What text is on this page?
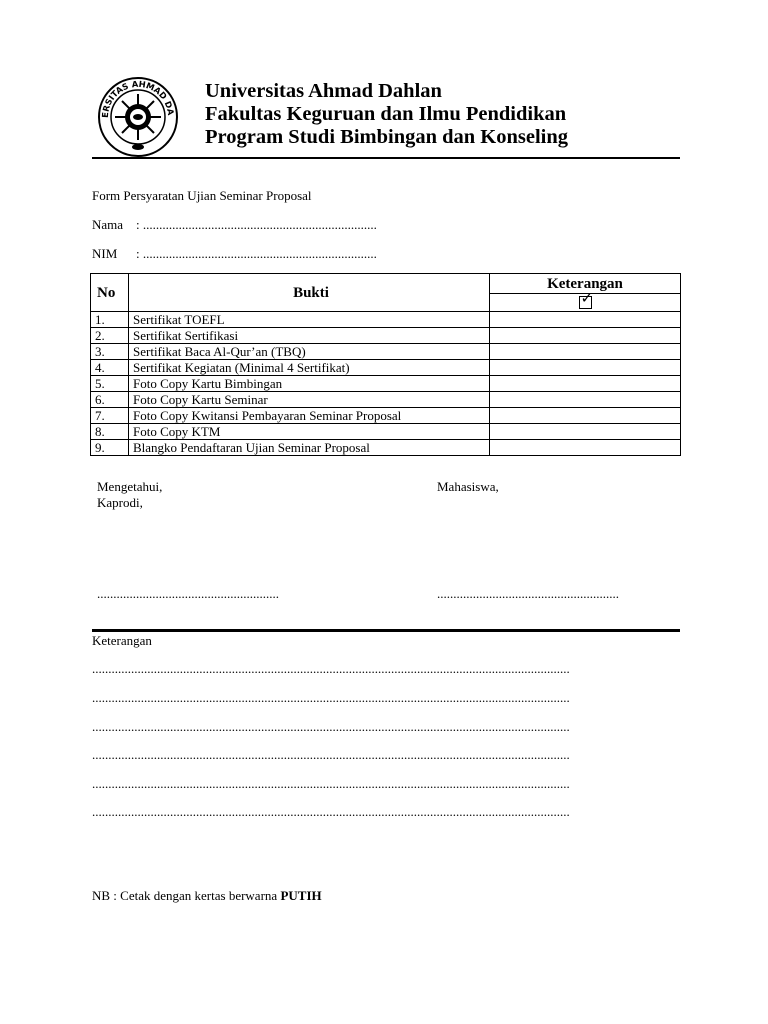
ERSITAS AHMAD DA
Universitas Ahmad Dahlan
Fakultas Keguruan dan Ilmu Pendidikan
Program Studi Bimbingan dan Konseling
Form Persyaratan Ujian Seminar Proposal
Nama : ........................................................................
NIM	: ........................................................................
No	Bukti	Keterangan

		✓

1.	Sertifikat TOEFL	
2.	Sertifikat Sertifikasi	
3.	Sertifikat Baca Al-Qur’an (TBQ)	
4.	Sertifikat Kegiatan (Minimal 4 Sertifikat)	
5.	Foto Copy Kartu Bimbingan	
6.	Foto Copy Kartu Seminar	
7.	Foto Copy Kwitansi Pembayaran Seminar Proposal	
8.	Foto Copy KTM	
9.	Blangko Pendaftaran Ujian Seminar Proposal	
Mengetahui,
Kaprodi,
Mahasiswa,
........................................................	........................................................
Keterangan
...................................................................................................................................................
...................................................................................................................................................
...................................................................................................................................................
...................................................................................................................................................
...................................................................................................................................................
...................................................................................................................................................
NB : Cetak dengan kertas berwarna PUTIH
